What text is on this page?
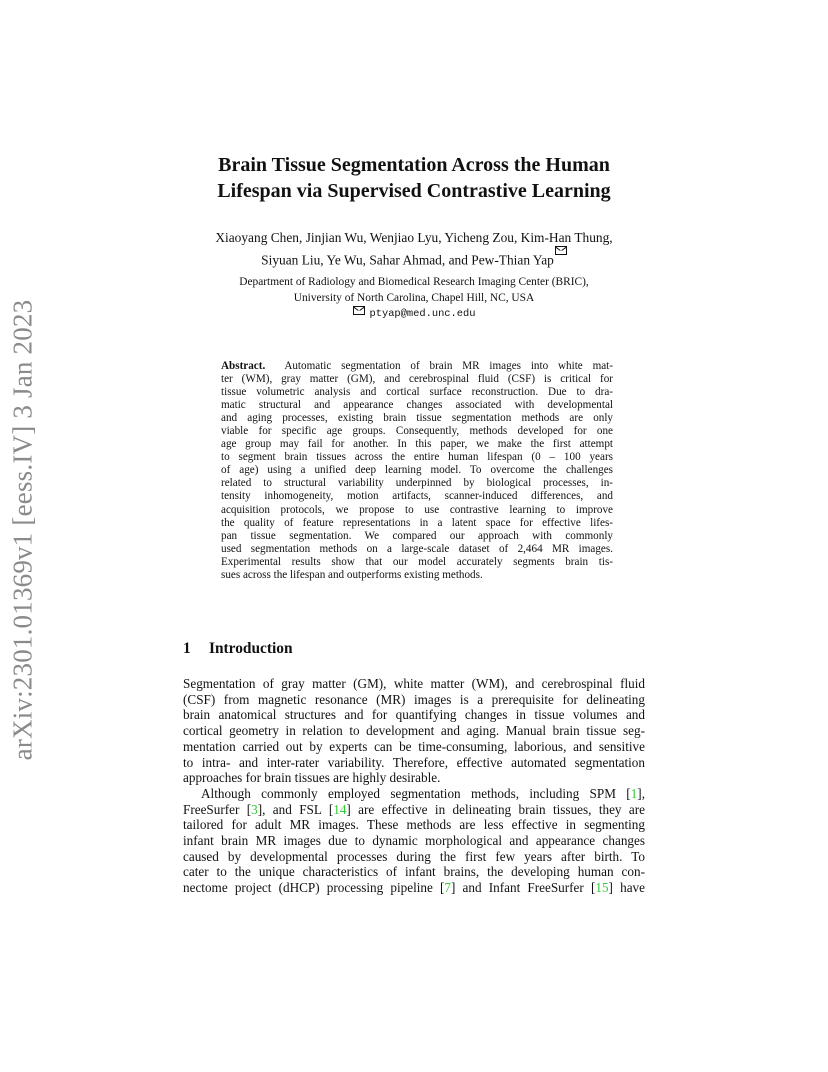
arXiv:2301.01369v1 [eess.IV] 3 Jan 2023
Brain Tissue Segmentation Across the Human
Lifespan via Supervised Contrastive Learning
Xiaoyang Chen, Jinjian Wu, Wenjiao Lyu, Yicheng Zou, Kim-Han Thung,
Siyuan Liu, Ye Wu, Sahar Ahmad, and Pew-Thian Yap
Department of Radiology and Biomedical Research Imaging Center (BRIC),
University of North Carolina, Chapel Hill, NC, USA
ptyap@med.unc.edu
Abstract. Automatic segmentation of brain MR images into white mat-
ter (WM), gray matter (GM), and cerebrospinal fluid (CSF) is critical for
tissue volumetric analysis and cortical surface reconstruction. Due to dra-
matic structural and appearance changes associated with developmental
and aging processes, existing brain tissue segmentation methods are only
viable for specific age groups. Consequently, methods developed for one
age group may fail for another. In this paper, we make the first attempt
to segment brain tissues across the entire human lifespan (0 – 100 years
of age) using a unified deep learning model. To overcome the challenges
related to structural variability underpinned by biological processes, in-
tensity inhomogeneity, motion artifacts, scanner-induced differences, and
acquisition protocols, we propose to use contrastive learning to improve
the quality of feature representations in a latent space for effective lifes-
pan tissue segmentation. We compared our approach with commonly
used segmentation methods on a large-scale dataset of 2,464 MR images.
Experimental results show that our model accurately segments brain tis-
sues across the lifespan and outperforms existing methods.
1 Introduction
Segmentation of gray matter (GM), white matter (WM), and cerebrospinal fluid
(CSF) from magnetic resonance (MR) images is a prerequisite for delineating
brain anatomical structures and for quantifying changes in tissue volumes and
cortical geometry in relation to development and aging. Manual brain tissue seg-
mentation carried out by experts can be time-consuming, laborious, and sensitive
to intra- and inter-rater variability. Therefore, effective automated segmentation
approaches for brain tissues are highly desirable.
Although commonly employed segmentation methods, including SPM [1],
FreeSurfer [3], and FSL [14] are effective in delineating brain tissues, they are
tailored for adult MR images. These methods are less effective in segmenting
infant brain MR images due to dynamic morphological and appearance changes
caused by developmental processes during the first few years after birth. To
cater to the unique characteristics of infant brains, the developing human con-
nectome project (dHCP) processing pipeline [7] and Infant FreeSurfer [15] have
